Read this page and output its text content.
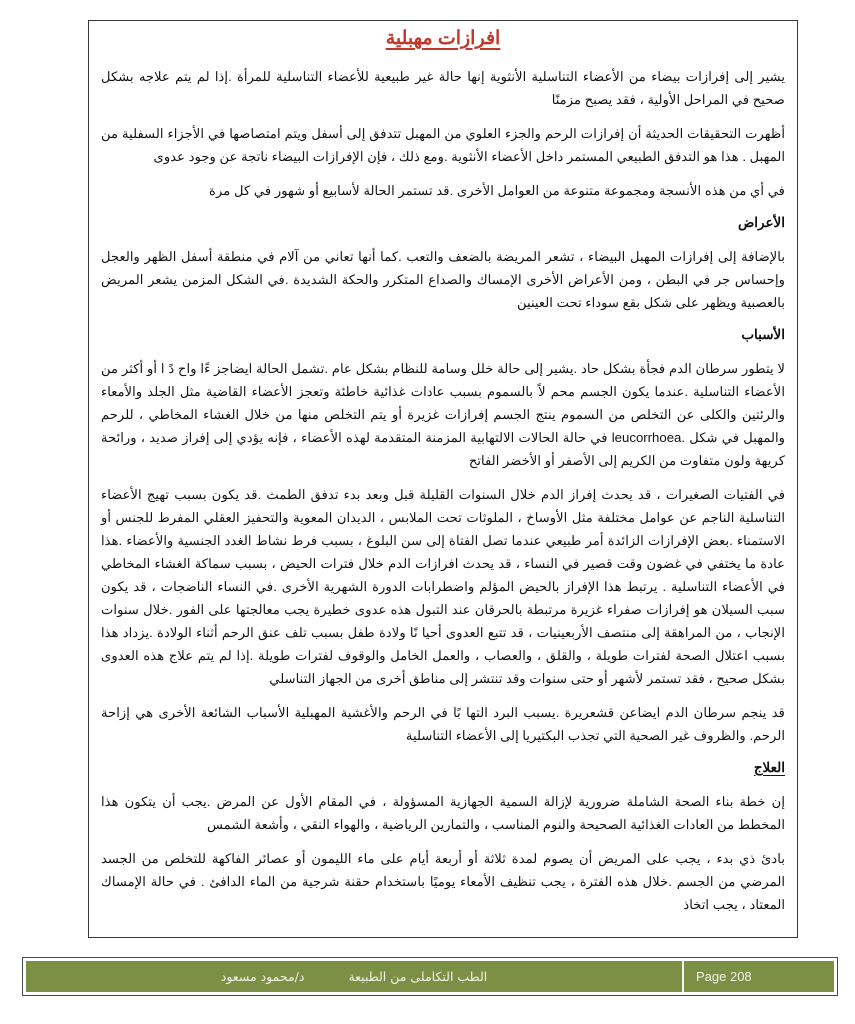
افرازات مهبلية

يشير إلى إفرازات بيضاء من الأعضاء التناسلية الأنثوية إنها حالة غير طبيعية للأعضاء التناسلية للمرأة .إذا لم يتم علاجه بشكل صحيح في المراحل الأولية ، فقد يصبح مزمنًا

أظهرت التحقيقات الحديثة أن إفرازات الرحم والجزء العلوي من المهبل تتدفق إلى أسفل ويتم امتصاصها في الأجزاء السفلية من المهبل . هذا هو التدفق الطبيعي المستمر داخل الأعضاء الأنثوية .ومع ذلك ، فإن الإفرازات البيضاء ناتجة عن وجود عدوى

في أي من هذه الأنسجة ومجموعة متنوعة من العوامل الأخرى .قد تستمر الحالة لأسابيع أو شهور في كل مرة

الأعراض

بالإضافة إلى إفرازات المهبل البيضاء ، تشعر المريضة بالضعف والتعب .كما أنها تعاني من آلام في منطقة أسفل الظهر والعجل وإحساس جر في البطن ، ومن الأعراض الأخرى الإمساك والصداع المتكرر والحكة الشديدة .في الشكل المزمن يشعر المريض بالعصبية ويظهر على شكل بقع سوداء تحت العينين

الأسباب

لا يتطور سرطان الدم فجأة بشكل حاد .يشير إلى حالة خلل وسامة للنظام بشكل عام .تشمل الحالة ايضاجز ءًا واح دً ا أو أكثر من الأعضاء التناسلية .عندما يكون الجسم محم لاً بالسموم بسبب عادات غذائية خاطئة وتعجز الأعضاء القاضية مثل الجلد والأمعاء والرئتين والكلى عن التخلص من السموم ينتج الجسم إفرازات غزيرة أو يتم التخلص منها من خلال الغشاء المخاطي ، للرحم والمهبل في شكل .leucorrhoea في حالة الحالات الالتهابية المزمنة المتقدمة لهذه الأعضاء ، فإنه يؤدي إلى إفراز صديد ، ورائحة كريهة ولون متفاوت من الكريم إلى الأصفر أو الأخضر الفاتح

في الفتيات الصغيرات ، قد يحدث إفراز الدم خلال السنوات القليلة قبل وبعد بدء تدفق الطمث .قد يكون بسبب تهيج الأعضاء التناسلية الناجم عن عوامل مختلفة مثل الأوساخ ، الملوثات تحت الملابس ، الديدان المعوية والتحفيز العقلي المفرط للجنس أو الاستمناء .بعض الإفرازات الزائدة أمر طبيعي عندما تصل الفتاة إلى سن البلوغ ، بسبب فرط نشاط الغدد الجنسية والأعضاء .هذا عادة ما يختفي في غضون وقت قصير في النساء ، قد يحدث افرازات الدم خلال فترات الحيض ، بسبب سماكة الغشاء المخاطي في الأعضاء التناسلية . يرتبط هذا الإفراز بالحيض المؤلم واضطرابات الدورة الشهرية الأخرى .في النساء الناضجات ، قد يكون سبب السيلان هو إفرازات صفراء غزيرة مرتبطة بالحرقان عند التبول هذه عدوى خطيرة يجب معالجتها على الفور .خلال سنوات الإنجاب ، من المراهقة إلى منتصف الأربعينيات ، قد تتبع العدوى أحيا نًا ولادة طفل بسبب تلف عنق الرحم أثناء الولادة .يزداد هذا بسبب اعتلال الصحة لفترات طويلة ، والقلق ، والعصاب ، والعمل الخامل والوقوف لفترات طويلة .إذا لم يتم علاج هذه العدوى بشكل صحيح ، فقد تستمر لأشهر أو حتى سنوات وقد تنتشر إلى مناطق أخرى من الجهاز التناسلي

قد ينجم سرطان الدم ايضاعن قشعريرة .يسبب البرد التها بًا في الرحم والأغشية المهبلية الأسباب الشائعة الأخرى هي إزاحة الرحم. والظروف غير الصحية التي تجذب البكتيريا إلى الأعضاء التناسلية

العلاج

إن خطة بناء الصحة الشاملة ضرورية لإزالة السمية الجهازية المسؤولة ، في المقام الأول عن المرض .يجب أن يتكون هذا المخطط من العادات الغذائية الصحيحة والنوم المناسب ، والتمارين الرياضية ، والهواء النقي ، وأشعة الشمس

بادئ ذي بدء ، يجب على المريض أن يصوم لمدة ثلاثة أو أربعة أيام على ماء الليمون أو عصائر الفاكهة للتخلص من الجسد المرضي من الجسم .خلال هذه الفترة ، يجب تنظيف الأمعاء يوميًا باستخدام حقنة شرجية من الماء الدافئ . في حالة الإمساك المعتاد ، يجب اتخاذ

الطب التكاملى من الطبيعة
د/محمود مسعود	Page 208
